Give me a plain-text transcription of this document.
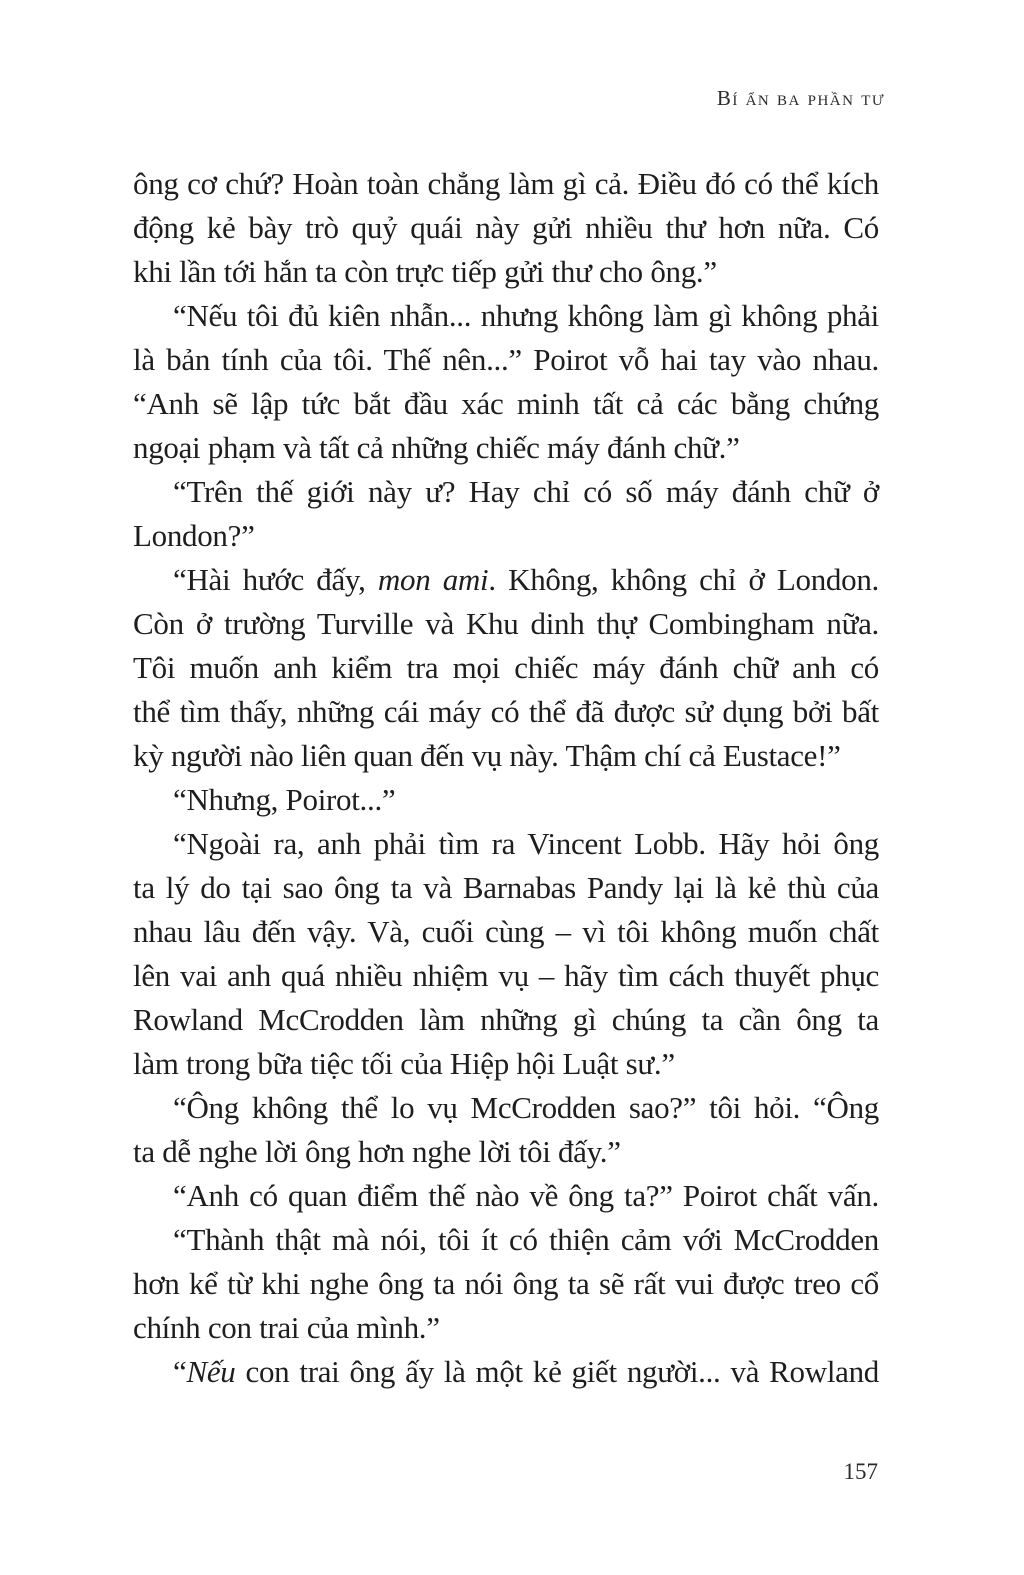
Bí ẩn ba phần tư
ông cơ chứ? Hoàn toàn chẳng làm gì cả. Điều đó có thể kích
động kẻ bày trò quỷ quái này gửi nhiều thư hơn nữa. Có
khi lần tới hắn ta còn trực tiếp gửi thư cho ông.”
“Nếu tôi đủ kiên nhẫn... nhưng không làm gì không phải
là bản tính của tôi. Thế nên...” Poirot vỗ hai tay vào nhau.
“Anh sẽ lập tức bắt đầu xác minh tất cả các bằng chứng
ngoại phạm và tất cả những chiếc máy đánh chữ.”
“Trên thế giới này ư? Hay chỉ có số máy đánh chữ ở
London?”
“Hài hước đấy, mon ami. Không, không chỉ ở London.
Còn ở trường Turville và Khu dinh thự Combingham nữa.
Tôi muốn anh kiểm tra mọi chiếc máy đánh chữ anh có
thể tìm thấy, những cái máy có thể đã được sử dụng bởi bất
kỳ người nào liên quan đến vụ này. Thậm chí cả Eustace!”
“Nhưng, Poirot...”
“Ngoài ra, anh phải tìm ra Vincent Lobb. Hãy hỏi ông
ta lý do tại sao ông ta và Barnabas Pandy lại là kẻ thù của
nhau lâu đến vậy. Và, cuối cùng – vì tôi không muốn chất
lên vai anh quá nhiều nhiệm vụ – hãy tìm cách thuyết phục
Rowland McCrodden làm những gì chúng ta cần ông ta
làm trong bữa tiệc tối của Hiệp hội Luật sư.”
“Ông không thể lo vụ McCrodden sao?” tôi hỏi. “Ông
ta dễ nghe lời ông hơn nghe lời tôi đấy.”
“Anh có quan điểm thế nào về ông ta?” Poirot chất vấn.
“Thành thật mà nói, tôi ít có thiện cảm với McCrodden
hơn kể từ khi nghe ông ta nói ông ta sẽ rất vui được treo cổ
chính con trai của mình.”
“Nếu con trai ông ấy là một kẻ giết người... và Rowland
157
